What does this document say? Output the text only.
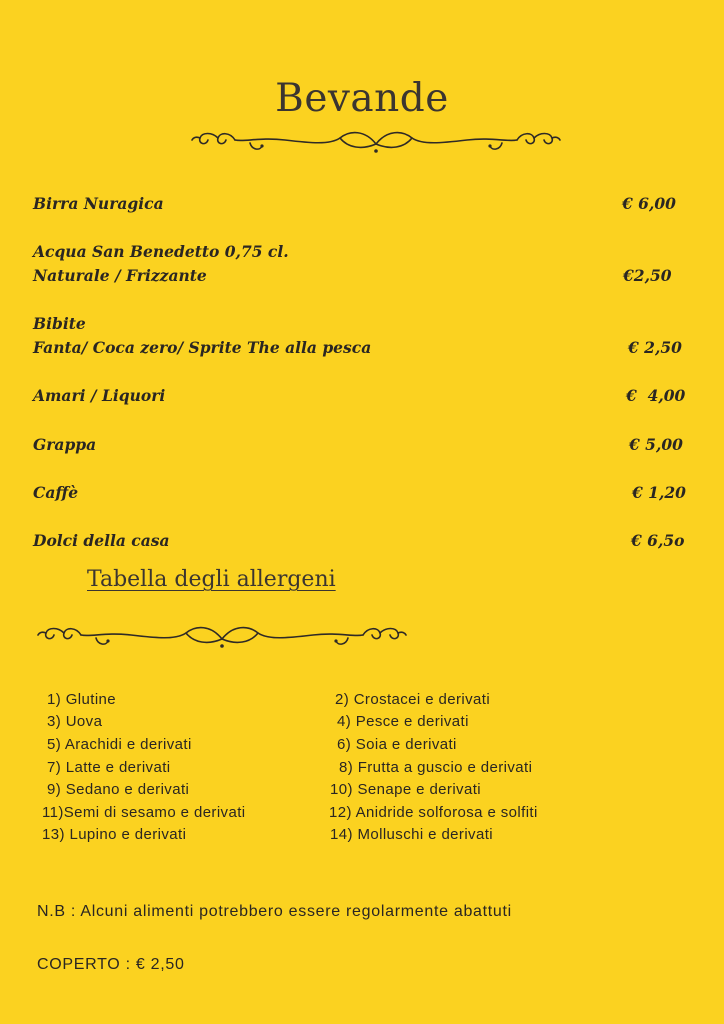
Bevande
Birra Nuragica	€ 6,00
Acqua San Benedetto 0,75 cl.
Naturale / Frizzante	€2,50
Bibite
Fanta/ Coca zero/ Sprite The alla pesca	€ 2,50
Amari / Liquori	€  4,00
Grappa	€ 5,00
Caffè	€ 1,20
Dolci della casa	€ 6,5o
Tabella degli allergeni
1) Glutine	2) Crostacei e derivati
3) Uova	4) Pesce e derivati
5) Arachidi e derivati	6) Soia e derivati
7) Latte e derivati	8) Frutta a guscio e derivati
9) Sedano e derivati	10) Senape e derivati
11)Semi di sesamo e derivati	12) Anidride solforosa e solfiti
13) Lupino e derivati	14) Molluschi e derivati
N.B : Alcuni alimenti potrebbero essere regolarmente abattuti
COPERTO : € 2,50
